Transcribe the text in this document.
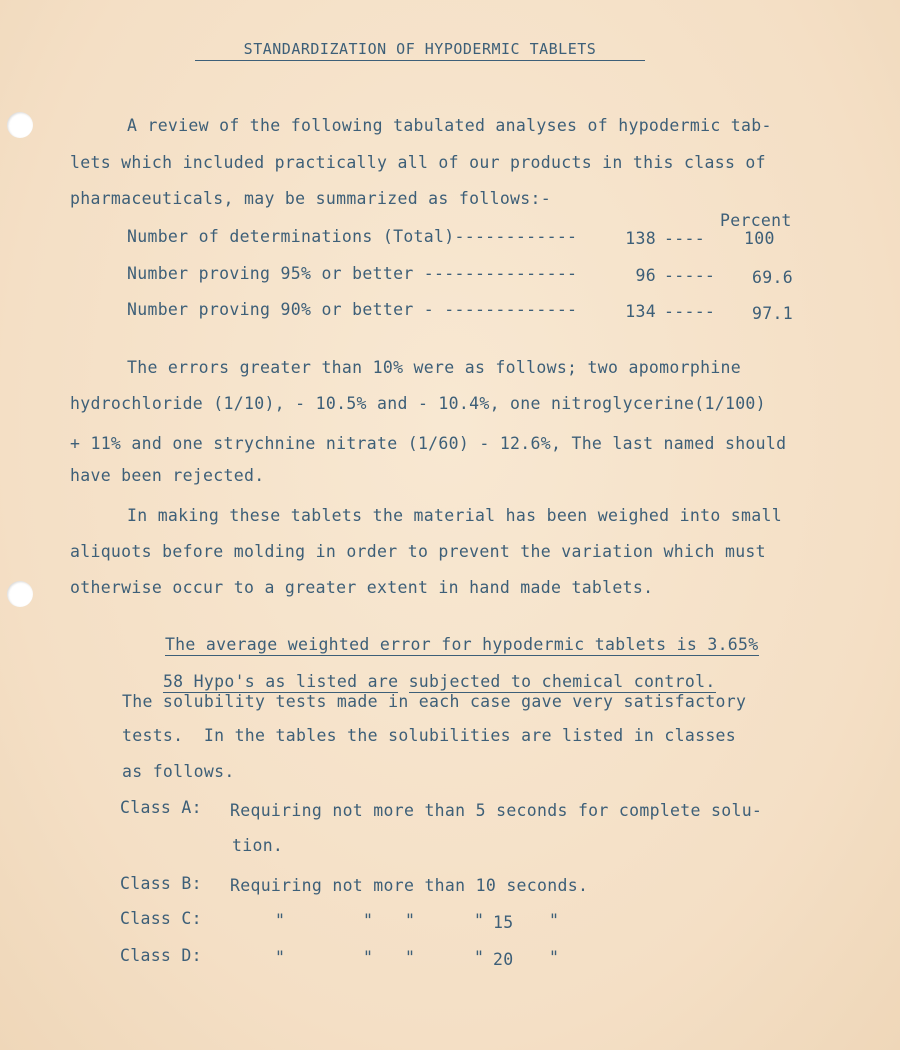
STANDARDIZATION OF HYPODERMIC TABLETS
A review of the following tabulated analyses of hypodermic tab-
lets which included practically all of our products in this class of
pharmaceuticals, may be summarized as follows:-
Percent
Number of determinations (Total)------------	138 ---- 100
Number proving 95% or better ---------------	96 ----- 69.6
Number proving 90% or better - -------------	134 ----- 97.1
The errors greater than 10% were as follows; two apomorphine
hydrochloride (1/10), - 10.5% and - 10.4%, one nitroglycerine(1/100)
+ 11% and one strychnine nitrate (1/60) - 12.6%, The last named should
have been rejected.
In making these tablets the material has been weighed into small
aliquots before molding in order to prevent the variation which must
otherwise occur to a greater extent in hand made tablets.

The average weighted error for hypodermic tablets is 3.65%

58 Hypo's as listed are subjected to chemical control.

The solubility tests made in each case gave very satisfactory
tests.  In the tables the solubilities are listed in classes
as follows.
Class A: Requiring not more than 5 seconds for complete solu-
tion.
Class B: Requiring not more than 10 seconds.
Class C:	"	" "	" 15 "
Class D:	"	" "	" 20 "
